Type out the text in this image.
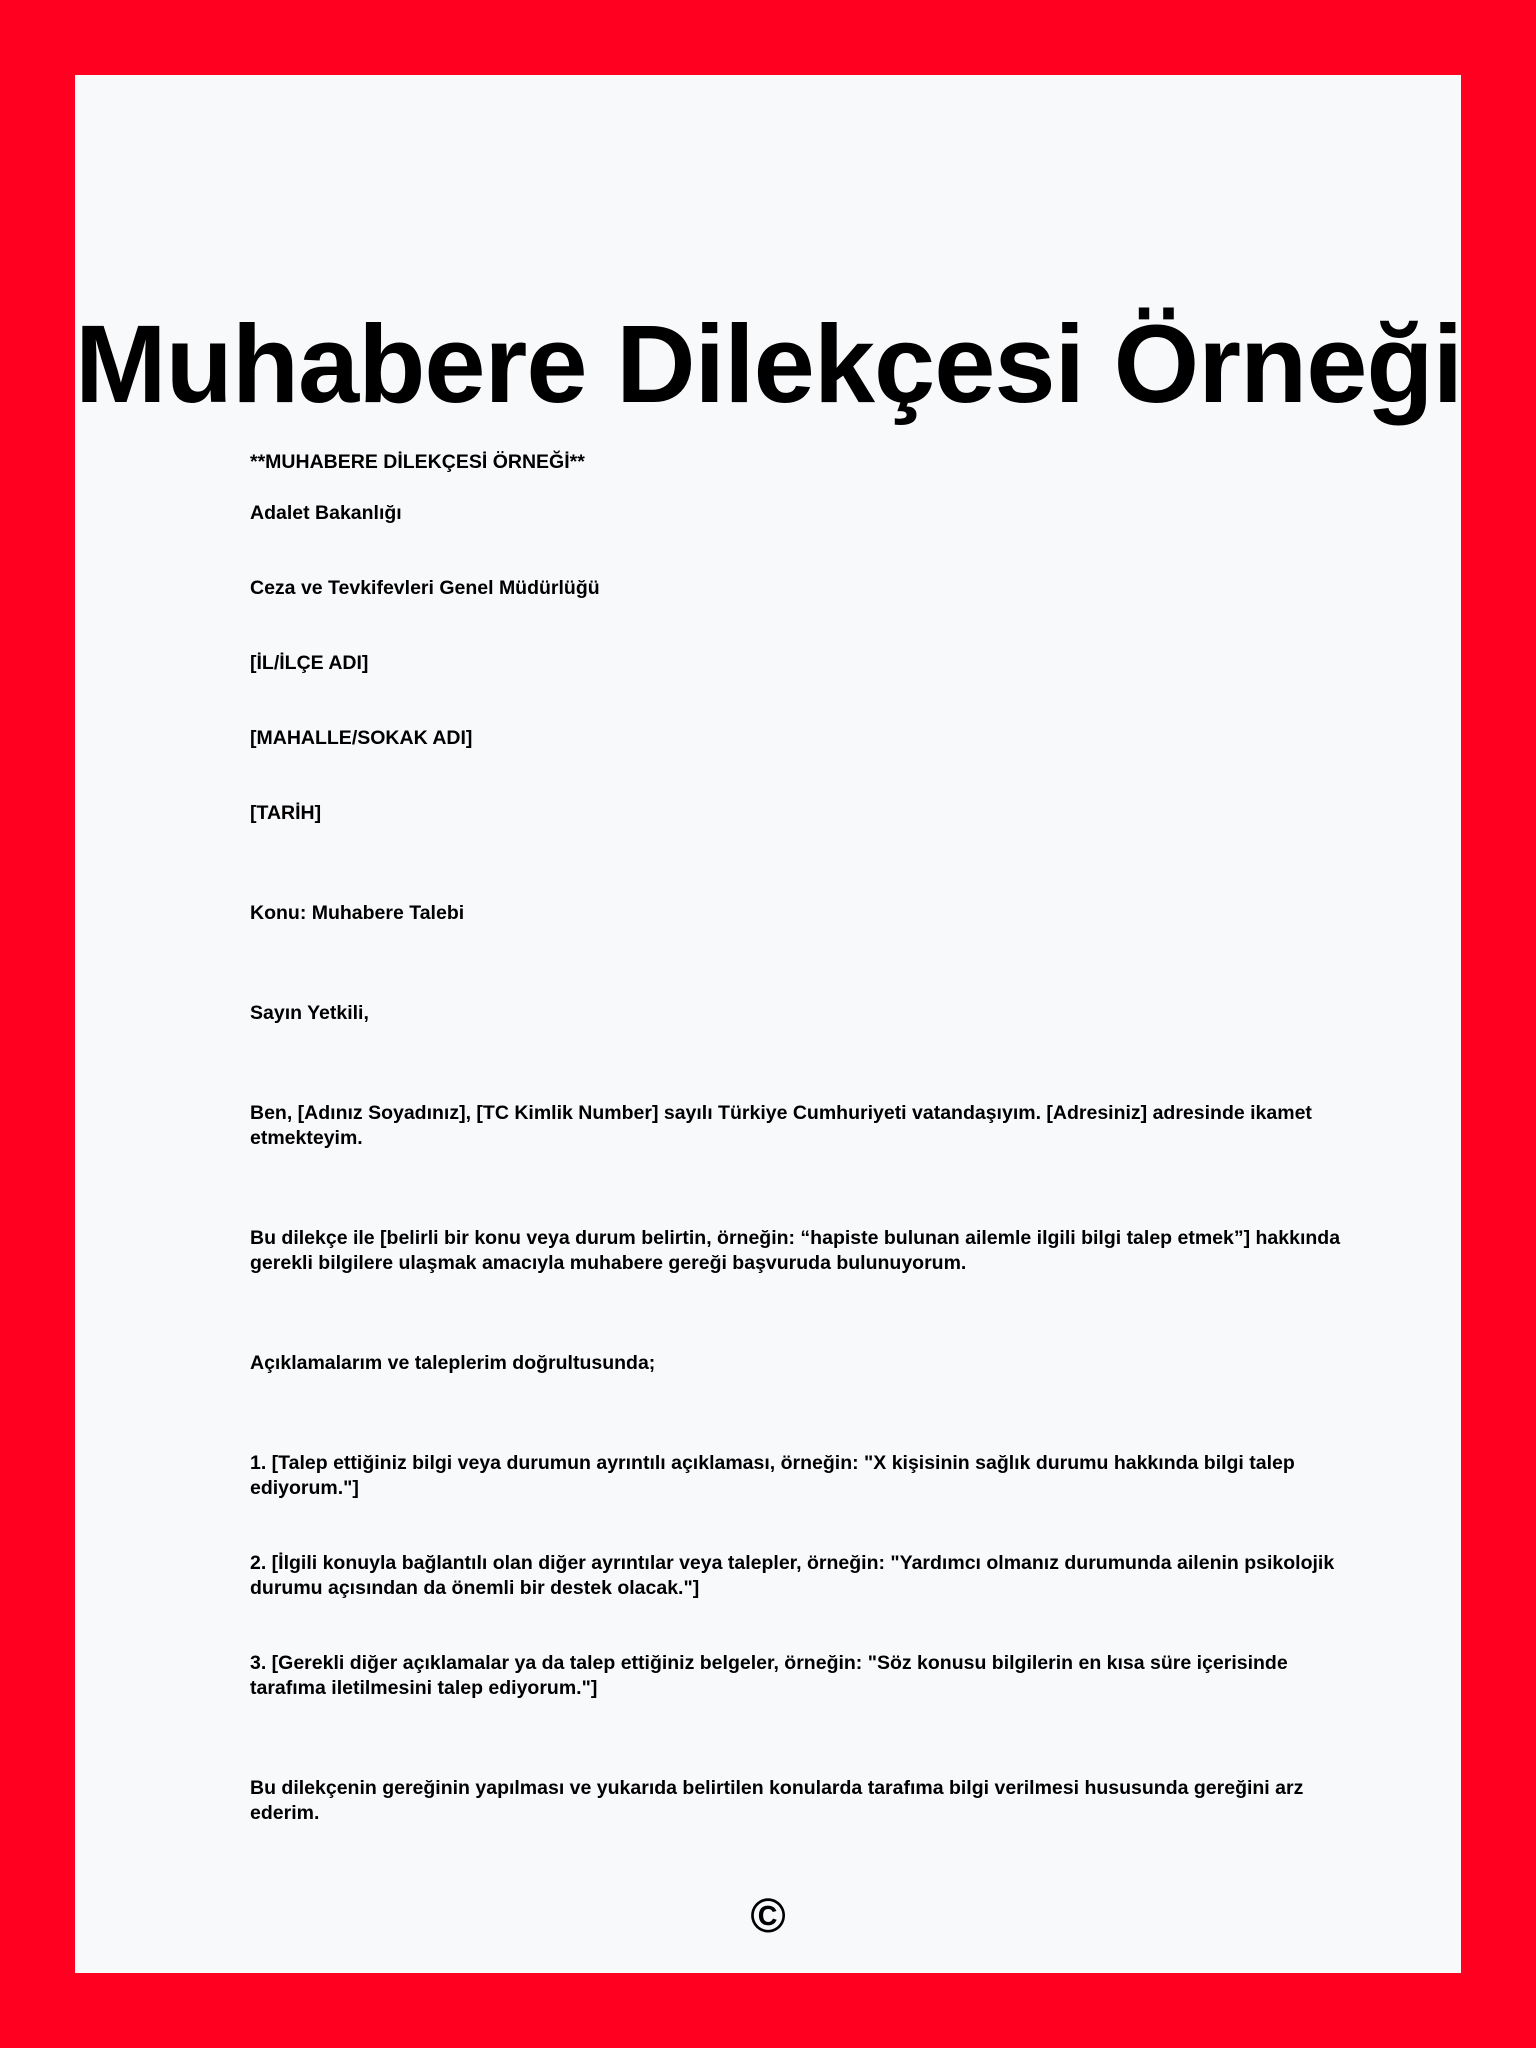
Muhabere Dilekçesi Örneği

**MUHABERE DİLEKÇESİ ÖRNEĞİ**

Adalet Bakanlığı

Ceza ve Tevkifevleri Genel Müdürlüğü

[İL/İLÇE ADI]

[MAHALLE/SOKAK ADI]

[TARİH]

Konu: Muhabere Talebi

Sayın Yetkili,

Ben, [Adınız Soyadınız], [TC Kimlik Number] sayılı Türkiye Cumhuriyeti vatandaşıyım. [Adresiniz] adresinde ikamet etmekteyim.

Bu dilekçe ile [belirli bir konu veya durum belirtin, örneğin: “hapiste bulunan ailemle ilgili bilgi talep etmek”] hakkında gerekli bilgilere ulaşmak amacıyla muhabere gereği başvuruda bulunuyorum.

Açıklamalarım ve taleplerim doğrultusunda;

1. [Talep ettiğiniz bilgi veya durumun ayrıntılı açıklaması, örneğin: "X kişisinin sağlık durumu hakkında bilgi talep ediyorum."]

2. [İlgili konuyla bağlantılı olan diğer ayrıntılar veya talepler, örneğin: "Yardımcı olmanız durumunda ailenin psikolojik durumu açısından da önemli bir destek olacak."]

3. [Gerekli diğer açıklamalar ya da talep ettiğiniz belgeler, örneğin: "Söz konusu bilgilerin en kısa süre içerisinde tarafıma iletilmesini talep ediyorum."]

Bu dilekçenin gereğinin yapılması ve yukarıda belirtilen konularda tarafıma bilgi verilmesi hususunda gereğini arz ederim.

©
